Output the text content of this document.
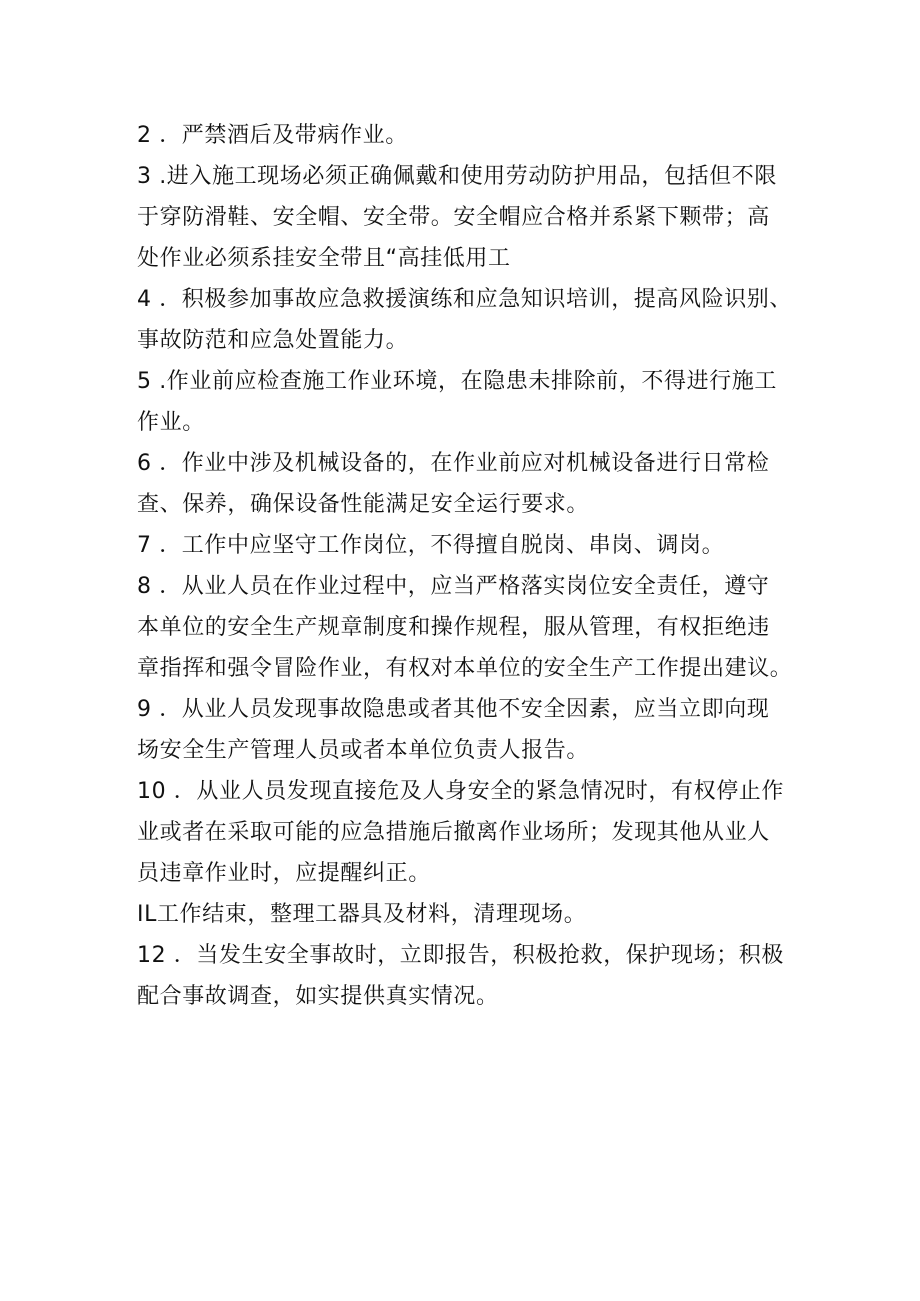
2 ．严禁酒后及带病作业。
3 .进入施工现场必须正确佩戴和使用劳动防护用品，包括但不限
于穿防滑鞋、安全帽、安全带。安全帽应合格并系紧下颗带；高
处作业必须系挂安全带且“高挂低用工
4 ．积极参加事故应急救援演练和应急知识培训，提高风险识别、
事故防范和应急处置能力。
5 .作业前应检查施工作业环境，在隐患未排除前，不得进行施工
作业。
6 ．作业中涉及机械设备的，在作业前应对机械设备进行日常检
查、保养，确保设备性能满足安全运行要求。
7 ．工作中应坚守工作岗位，不得擅自脱岗、串岗、调岗。
8 ．从业人员在作业过程中，应当严格落实岗位安全责任，遵守
本单位的安全生产规章制度和操作规程，服从管理，有权拒绝违
章指挥和强令冒险作业，有权对本单位的安全生产工作提出建议。
9 ．从业人员发现事故隐患或者其他不安全因素，应当立即向现
场安全生产管理人员或者本单位负责人报告。
10 ．从业人员发现直接危及人身安全的紧急情况时，有权停止作
业或者在采取可能的应急措施后撤离作业场所；发现其他从业人
员违章作业时，应提醒纠正。
IL工作结束，整理工器具及材料，清理现场。
12 ．当发生安全事故时，立即报告，积极抢救，保护现场；积极
配合事故调查，如实提供真实情况。
